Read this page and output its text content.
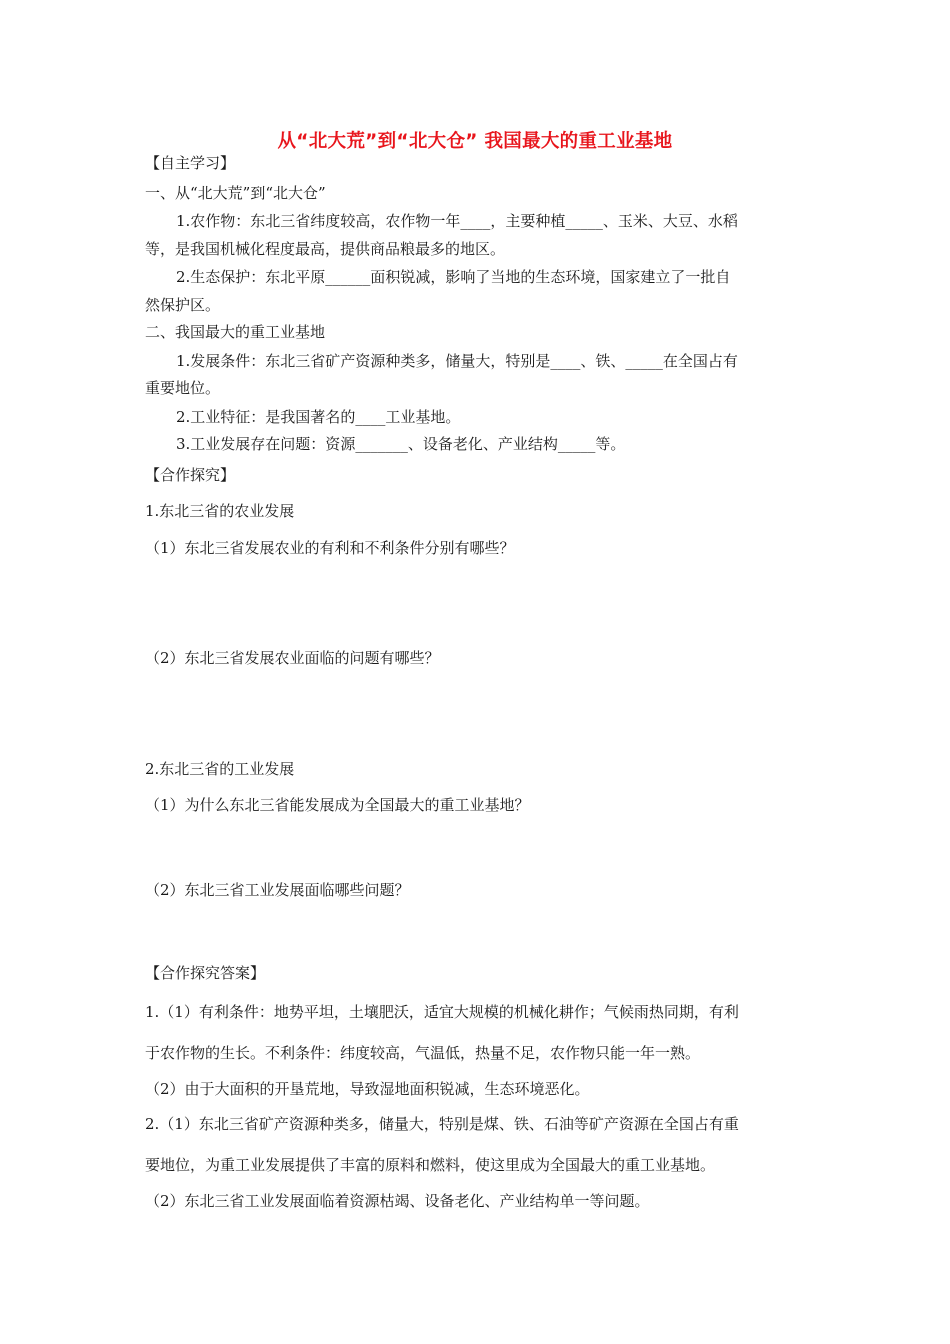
从“北大荒”到“北大仓” 我国最大的重工业基地
【自主学习】
一、从“北大荒”到“北大仓”
1.农作物：东北三省纬度较高，农作物一年____，主要种植_____、玉米、大豆、水稻
等，是我国机械化程度最高，提供商品粮最多的地区。
2.生态保护：东北平原______面积锐减，影响了当地的生态环境，国家建立了一批自
然保护区。
二、我国最大的重工业基地
1.发展条件：东北三省矿产资源种类多，储量大，特别是____、铁、_____在全国占有
重要地位。
2.工业特征：是我国著名的____工业基地。
3.工业发展存在问题：资源_______、设备老化、产业结构_____等。
【合作探究】
1.东北三省的农业发展
（1）东北三省发展农业的有利和不利条件分别有哪些？
（2）东北三省发展农业面临的问题有哪些？
2.东北三省的工业发展
（1）为什么东北三省能发展成为全国最大的重工业基地？
（2）东北三省工业发展面临哪些问题？
【合作探究答案】
1.（1）有利条件：地势平坦，土壤肥沃，适宜大规模的机械化耕作；气候雨热同期，有利
于农作物的生长。不利条件：纬度较高，气温低，热量不足，农作物只能一年一熟。
（2）由于大面积的开垦荒地，导致湿地面积锐减，生态环境恶化。
2.（1）东北三省矿产资源种类多，储量大，特别是煤、铁、石油等矿产资源在全国占有重
要地位，为重工业发展提供了丰富的原料和燃料，使这里成为全国最大的重工业基地。
（2）东北三省工业发展面临着资源枯竭、设备老化、产业结构单一等问题。
